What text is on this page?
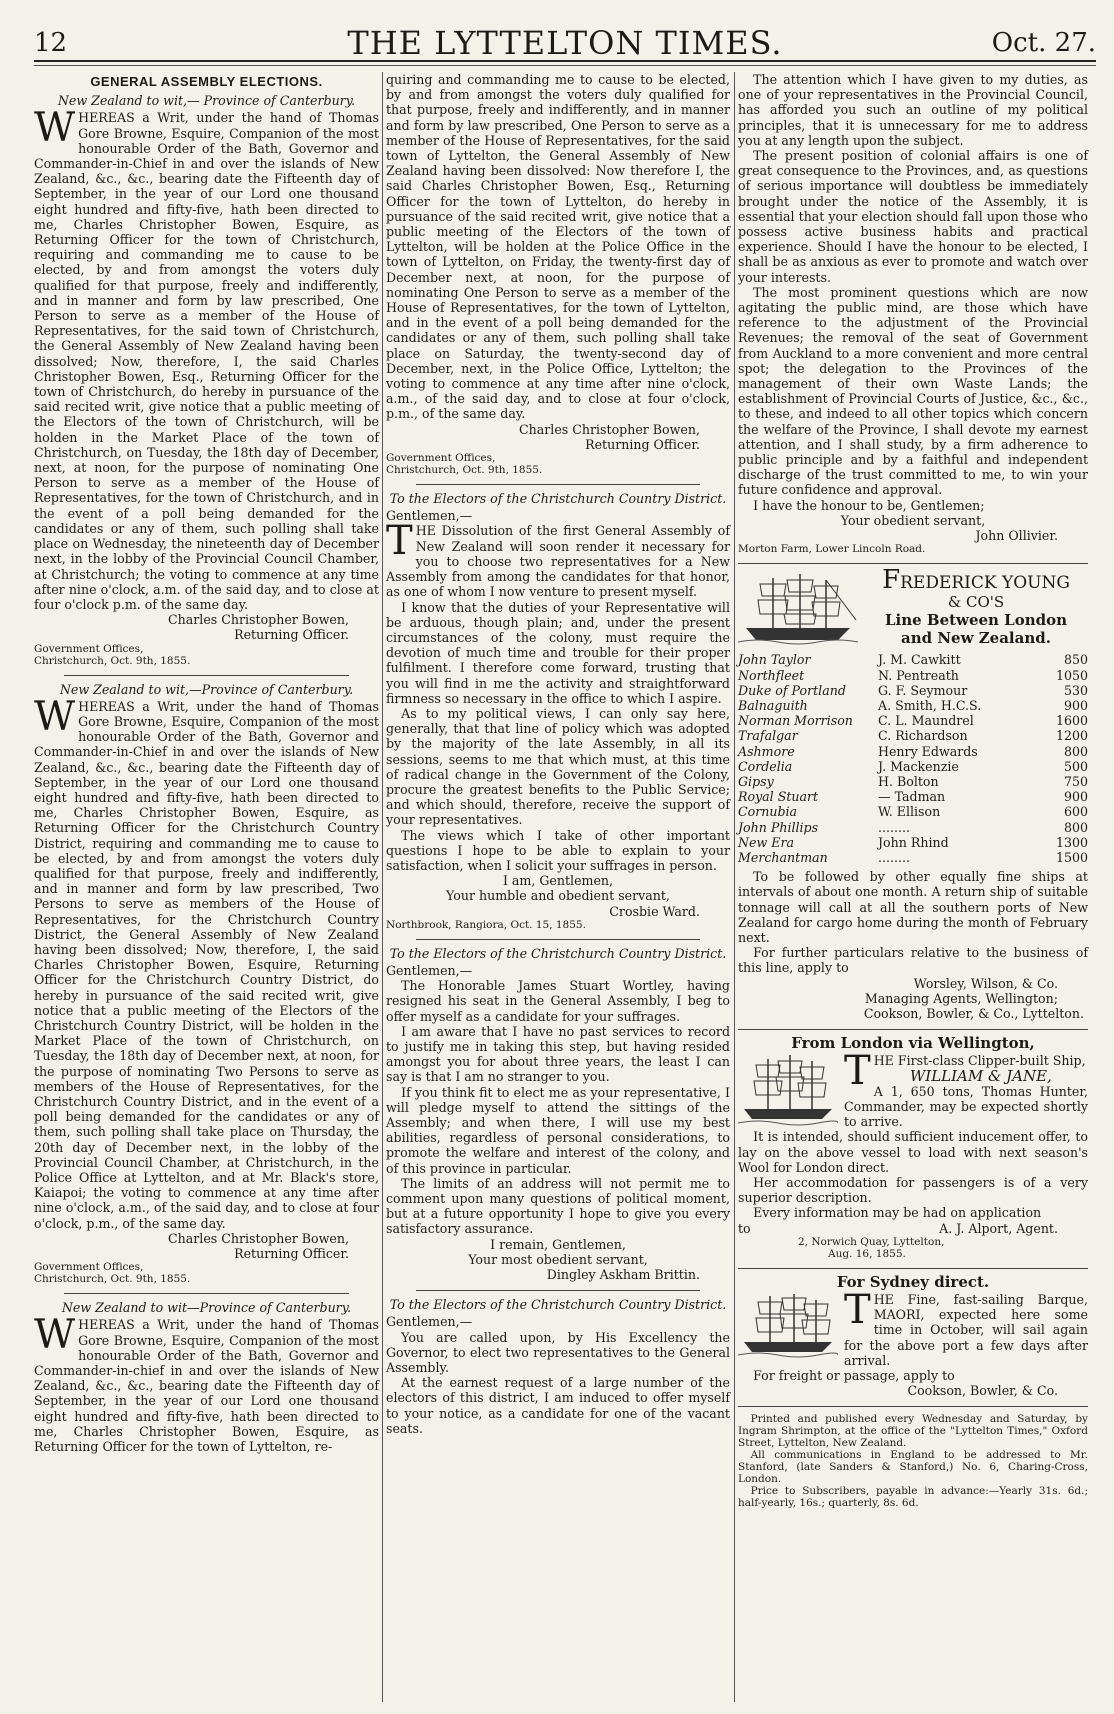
12	THE LYTTELTON TIMES.	Oct. 27.
GENERAL ASSEMBLY ELECTIONS.

New Zealand to wit,— Province of Canterbury.

WHEREAS a Writ, under the hand of Thomas Gore Browne, Esquire, Companion of the most honourable Order of the Bath, Governor and Commander-in-Chief in and over the islands of New Zealand, &c., &c., bearing date the Fifteenth day of September, in the year of our Lord one thousand eight hundred and fifty-five, hath been directed to me, Charles Christopher Bowen, Esquire, as Returning Officer for the town of Christchurch, requiring and commanding me to cause to be elected, by and from amongst the voters duly qualified for that purpose, freely and indifferently, and in manner and form by law prescribed, One Person to serve as a member of the House of Representatives, for the said town of Christchurch, the General Assembly of New Zealand having been dissolved; Now, therefore, I, the said Charles Christopher Bowen, Esq., Returning Officer for the town of Christchurch, do hereby in pursuance of the said recited writ, give notice that a public meeting of the Electors of the town of Christchurch, will be holden in the Market Place of the town of Christchurch, on Tuesday, the 18th day of December, next, at noon, for the purpose of nominating One Person to serve as a member of the House of Representatives, for the town of Christchurch, and in the event of a poll being demanded for the candidates or any of them, such polling shall take place on Wednesday, the nineteenth day of December next, in the lobby of the Provincial Council Chamber, at Christchurch; the voting to commence at any time after nine o'clock, a.m. of the said day, and to close at four o'clock p.m. of the same day.

Charles Christopher Bowen,

Returning Officer.

Government Offices,

Christchurch, Oct. 9th, 1855.

New Zealand to wit,—Province of Canterbury.

WHEREAS a Writ, under the hand of Thomas Gore Browne, Esquire, Companion of the most honourable Order of the Bath, Governor and Commander-in-Chief in and over the islands of New Zealand, &c., &c., bearing date the Fifteenth day of September, in the year of our Lord one thousand eight hundred and fifty-five, hath been directed to me, Charles Christopher Bowen, Esquire, as Returning Officer for the Christchurch Country District, requiring and commanding me to cause to be elected, by and from amongst the voters duly qualified for that purpose, freely and indifferently, and in manner and form by law prescribed, Two Persons to serve as members of the House of Representatives, for the Christchurch Country District, the General Assembly of New Zealand having been dissolved; Now, therefore, I, the said Charles Christopher Bowen, Esquire, Returning Officer for the Christchurch Country District, do hereby in pursuance of the said recited writ, give notice that a public meeting of the Electors of the Christchurch Country District, will be holden in the Market Place of the town of Christchurch, on Tuesday, the 18th day of December next, at noon, for the purpose of nominating Two Persons to serve as members of the House of Representatives, for the Christchurch Country District, and in the event of a poll being demanded for the candidates or any of them, such polling shall take place on Thursday, the 20th day of December next, in the lobby of the Provincial Council Chamber, at Christchurch, in the Police Office at Lyttelton, and at Mr. Black's store, Kaiapoi; the voting to commence at any time after nine o'clock, a.m., of the said day, and to close at four o'clock, p.m., of the same day.

Charles Christopher Bowen,

Returning Officer.

Government Offices,

Christchurch, Oct. 9th, 1855.

New Zealand to wit—Province of Canterbury.

WHEREAS a Writ, under the hand of Thomas Gore Browne, Esquire, Companion of the most honourable Order of the Bath, Governor and Commander-in-chief in and over the islands of New Zealand, &c., &c., bearing date the Fifteenth day of September, in the year of our Lord one thousand eight hundred and fifty-five, hath been directed to me, Charles Christopher Bowen, Esquire, as Returning Officer for the town of Lyttelton, re-

quiring and commanding me to cause to be elected, by and from amongst the voters duly qualified for that purpose, freely and indifferently, and in manner and form by law prescribed, One Person to serve as a member of the House of Representatives, for the said town of Lyttelton, the General Assembly of New Zealand having been dissolved: Now therefore I, the said Charles Christopher Bowen, Esq., Returning Officer for the town of Lyttelton, do hereby in pursuance of the said recited writ, give notice that a public meeting of the Electors of the town of Lyttelton, will be holden at the Police Office in the town of Lyttelton, on Friday, the twenty-first day of December next, at noon, for the purpose of nominating One Person to serve as a member of the House of Representatives, for the town of Lyttelton, and in the event of a poll being demanded for the candidates or any of them, such polling shall take place on Saturday, the twenty-second day of December, next, in the Police Office, Lyttelton; the voting to commence at any time after nine o'clock, a.m., of the said day, and to close at four o'clock, p.m., of the same day.

Charles Christopher Bowen,

Returning Officer.

Government Offices,

Christchurch, Oct. 9th, 1855.

To the Electors of the Christchurch Country District.

Gentlemen,—

THE Dissolution of the first General Assembly of New Zealand will soon render it necessary for you to choose two representatives for a New Assembly from among the candidates for that honor, as one of whom I now venture to present myself.

I know that the duties of your Representative will be arduous, though plain; and, under the present circumstances of the colony, must require the devotion of much time and trouble for their proper fulfilment. I therefore come forward, trusting that you will find in me the activity and straightforward firmness so necessary in the office to which I aspire.

As to my political views, I can only say here, generally, that that line of policy which was adopted by the majority of the late Assembly, in all its sessions, seems to me that which must, at this time of radical change in the Government of the Colony, procure the greatest benefits to the Public Service; and which should, therefore, receive the support of your representatives.

The views which I take of other important questions I hope to be able to explain to your satisfaction, when I solicit your suffrages in person.

I am, Gentlemen,

Your humble and obedient servant,

Crosbie Ward.

Northbrook, Rangiora, Oct. 15, 1855.

To the Electors of the Christchurch Country District.

Gentlemen,—

The Honorable James Stuart Wortley, having resigned his seat in the General Assembly, I beg to offer myself as a candidate for your suffrages.

I am aware that I have no past services to record to justify me in taking this step, but having resided amongst you for about three years, the least I can say is that I am no stranger to you.

If you think fit to elect me as your representative, I will pledge myself to attend the sittings of the Assembly; and when there, I will use my best abilities, regardless of personal considerations, to promote the welfare and interest of the colony, and of this province in particular.

The limits of an address will not permit me to comment upon many questions of political moment, but at a future opportunity I hope to give you every satisfactory assurance.

I remain, Gentlemen,

Your most obedient servant,

Dingley Askham Brittin.

To the Electors of the Christchurch Country District.

Gentlemen,—

You are called upon, by His Excellency the Governor, to elect two representatives to the General Assembly.

At the earnest request of a large number of the electors of this district, I am induced to offer myself to your notice, as a candidate for one of the vacant seats.

The attention which I have given to my duties, as one of your representatives in the Provincial Council, has afforded you such an outline of my political principles, that it is unnecessary for me to address you at any length upon the subject.

The present position of colonial affairs is one of great consequence to the Provinces, and, as questions of serious importance will doubtless be immediately brought under the notice of the Assembly, it is essential that your election should fall upon those who possess active business habits and practical experience. Should I have the honour to be elected, I shall be as anxious as ever to promote and watch over your interests.

The most prominent questions which are now agitating the public mind, are those which have reference to the adjustment of the Provincial Revenues; the removal of the seat of Government from Auckland to a more convenient and more central spot; the delegation to the Provinces of the management of their own Waste Lands; the establishment of Provincial Courts of Justice, &c., &c., to these, and indeed to all other topics which concern the welfare of the Province, I shall devote my earnest attention, and I shall study, by a firm adherence to public principle and by a faithful and independent discharge of the trust committed to me, to win your future confidence and approval.

I have the honour to be, Gentlemen;

Your obedient servant,

John Ollivier.

Morton Farm, Lower Lincoln Road.

FREDERICK YOUNG
& CO'S
Line Between London
and New Zealand.
John Taylor	J. M. Cawkitt	850
Northfleet	N. Pentreath	1050
Duke of Portland	G. F. Seymour	530
Balnaguith	A. Smith, H.C.S.	900
Norman Morrison	C. L. Maundrel	1600
Trafalgar	C. Richardson	1200
Ashmore	Henry Edwards	800
Cordelia	J. Mackenzie	500
Gipsy	H. Bolton	750
Royal Stuart	— Tadman	900
Cornubia	W. Ellison	600
John Phillips	........	800
New Era	John Rhind	1300
Merchantman	........	1500

To be followed by other equally fine ships at intervals of about one month. A return ship of suitable tonnage will call at all the southern ports of New Zealand for cargo home during the month of February next.

For further particulars relative to the business of this line, apply to

Worsley, Wilson, & Co.

Managing Agents, Wellington;

Cookson, Bowler, & Co., Lyttelton.

From London via Wellington,

THE First-class Clipper-built Ship,

WILLIAM & JANE,

A 1, 650 tons, Thomas Hunter, Commander, may be expected shortly to arrive.

It is intended, should sufficient inducement offer, to lay on the above vessel to load with next season's Wool for London direct.

Her accommodation for passengers is of a very superior description.

Every information may be had on application

to	A. J. Alport, Agent.

2, Norwich Quay, Lyttelton,

Aug. 16, 1855.

For Sydney direct.

THE Fine, fast-sailing Barque, MAORI, expected here some time in October, will sail again for the above port a few days after arrival.

For freight or passage, apply to

Cookson, Bowler, & Co.

Printed and published every Wednesday and Saturday, by Ingram Shrimpton, at the office of the "Lyttelton Times," Oxford Street, Lyttelton, New Zealand.

All communications in England to be addressed to Mr. Stanford, (late Sanders & Stanford,) No. 6, Charing-Cross, London.

Price to Subscribers, payable in advance:—Yearly 31s. 6d.; half-yearly, 16s.; quarterly, 8s. 6d.
